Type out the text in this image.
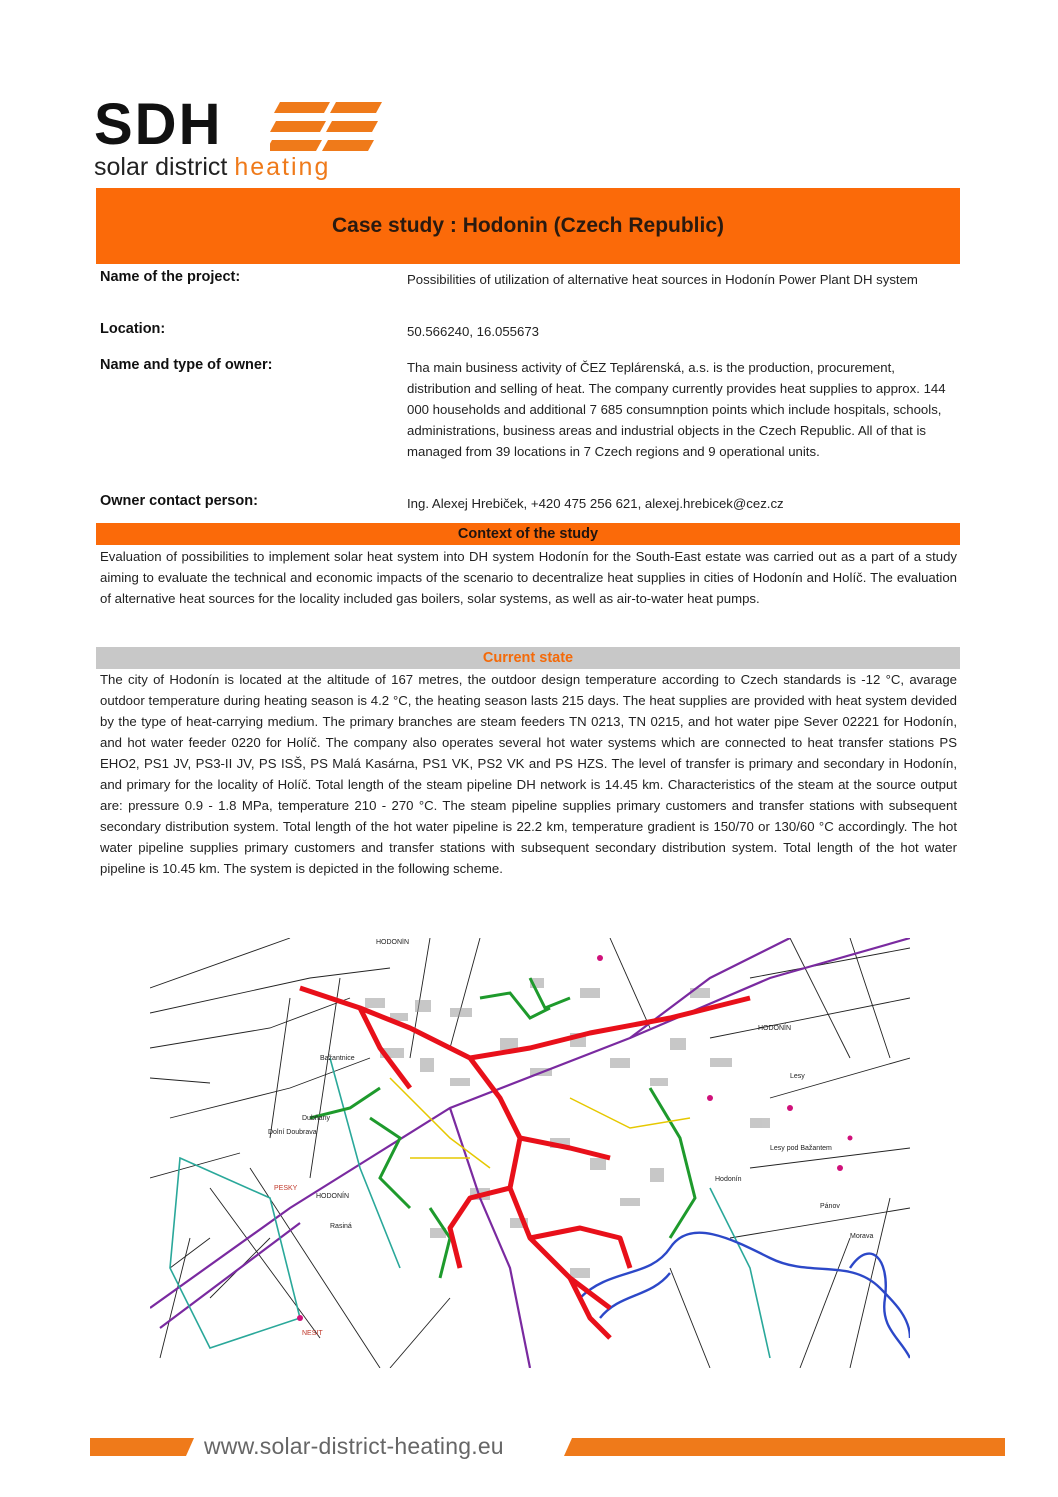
SDH
solar district heating
Case study : Hodonin (Czech Republic)
Name of the project:	Possibilities of utilization of alternative heat sources in Hodonín Power Plant DH system
Location:	50.566240, 16.055673
Name and type of owner:	Tha main business activity of ČEZ Teplárenská, a.s. is the production, procurement, distribution and selling of heat. The company currently provides heat supplies to approx. 144 000 households and additional 7 685 consumnption points which include hospitals, schools, administrations, business areas and industrial objects in the Czech Republic. All of that is managed from 39 locations in 7 Czech regions and 9 operational units.
Owner contact person:	Ing. Alexej Hrebiček, +420 475 256 621, alexej.hrebicek@cez.cz
Context of the study

Evaluation of possibilities to implement solar heat system into DH system Hodonín for the South-East estate was carried out as a part of a study aiming to evaluate the technical and economic impacts of the scenario to decentralize heat supplies in cities of Hodonín and Holíč. The evaluation of alternative heat sources for the locality included gas boilers, solar systems, as well as air-to-water heat pumps.

Current state

The city of Hodonín is located at the altitude of 167 metres, the outdoor design temperature according to Czech standards is -12 °C, avarage outdoor temperature during heating season is 4.2 °C, the heating season lasts 215 days. The heat supplies are provided with heat system devided by the type of heat-carrying medium. The primary branches are steam feeders TN 0213, TN 0215, and hot water pipe Sever 02221 for Hodonín, and hot water feeder 0220 for Holíč. The company also operates several hot water systems which are connected to heat transfer stations PS EHO2, PS1 JV, PS3-II JV, PS ISŠ, PS Malá Kasárna, PS1 VK, PS2 VK and PS HZS. The level of transfer is primary and secondary in Hodonín, and primary for the locality of Holíč. Total length of the steam pipeline DH network is 14.45 km. Characteristics of the steam at the source output are: pressure 0.9 - 1.8 MPa, temperature 210 - 270 °C. The steam pipeline supplies primary customers and transfer stations with subsequent secondary distribution system. Total length of the hot water pipeline is 22.2 km, temperature gradient is 150/70 or 130/60 °C accordingly. The hot water pipeline supplies primary customers and transfer stations with subsequent secondary distribution system. Total length of the hot water pipeline is 10.45 km. The system is depicted in the following scheme.

HODONÍN
HODONÍN
HODONÍN
Hodonín
Bažantnice
Lesy
Pánov
Rasiná
Dubňany
Dolní Doubrava
PESKY
NESIT
Lesy pod Bažantem
Morava
www.solar-district-heating.eu
